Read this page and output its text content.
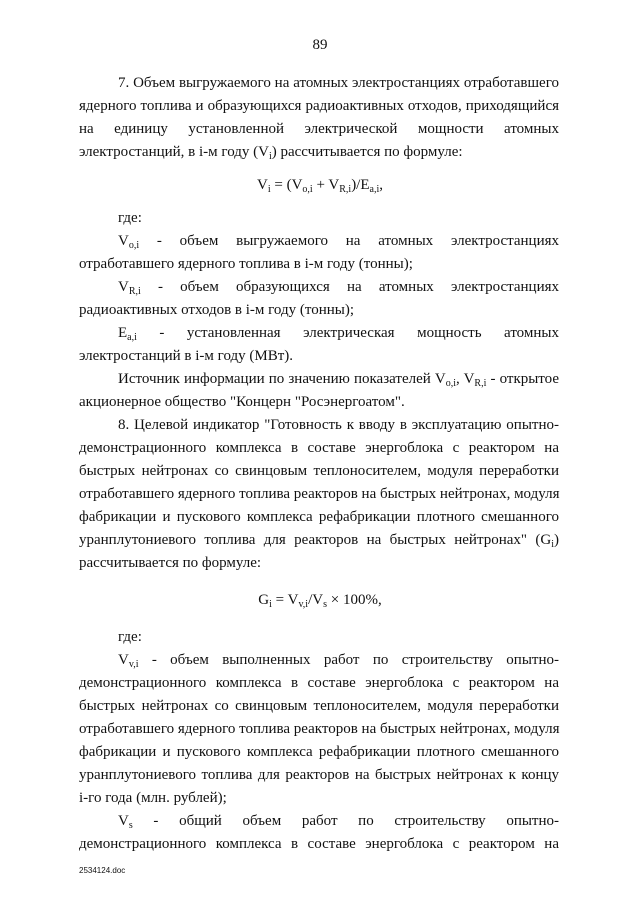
89
7. Объем выгружаемого на атомных электростанциях отработавшего
ядерного топлива и образующихся радиоактивных отходов, приходящийся
на единицу установленной электрической мощности атомных
электростанций, в i-м году $(V_i)$ рассчитывается по формуле:
$V_i = (V_{o,i} + V_{R,i})/E_{a,i}$,
где:
$V_{o,i}$ - объем выгружаемого на атомных электростанциях
отработавшего ядерного топлива в i-м году (тонны);
$V_{R,i}$ - объем образующихся на атомных электростанциях
радиоактивных отходов в i-м году (тонны);
$E_{a,i}$ - установленная электрическая мощность атомных
электростанций в i-м году (МВт).
Источник информации по значению показателей $V_{o,i}$, $V_{R,i}$ - открытое
акционерное общество "Концерн "Росэнергоатом".
8. Целевой индикатор "Готовность к вводу в эксплуатацию опытно-
демонстрационного комплекса в составе энергоблока с реактором на
быстрых нейтронах со свинцовым теплоносителем, модуля переработки
отработавшего ядерного топлива реакторов на быстрых нейтронах, модуля
фабрикации и пускового комплекса рефабрикации плотного смешанного
уранплутониевого топлива для реакторов на быстрых нейтронах" $(G_i)$
рассчитывается по формуле:
$G_i = V_{v,i}/V_s \times 100\%$,
где:
$V_{v,i}$ - объем выполненных работ по строительству опытно-
демонстрационного комплекса в составе энергоблока с реактором на
быстрых нейтронах со свинцовым теплоносителем, модуля переработки
отработавшего ядерного топлива реакторов на быстрых нейтронах, модуля
фабрикации и пускового комплекса рефабрикации плотного смешанного
уранплутониевого топлива для реакторов на быстрых нейтронах к концу
i-го года (млн. рублей);
$V_s$ - общий объем работ по строительству опытно-
демонстрационного комплекса в составе энергоблока с реактором на
2534124.doc
